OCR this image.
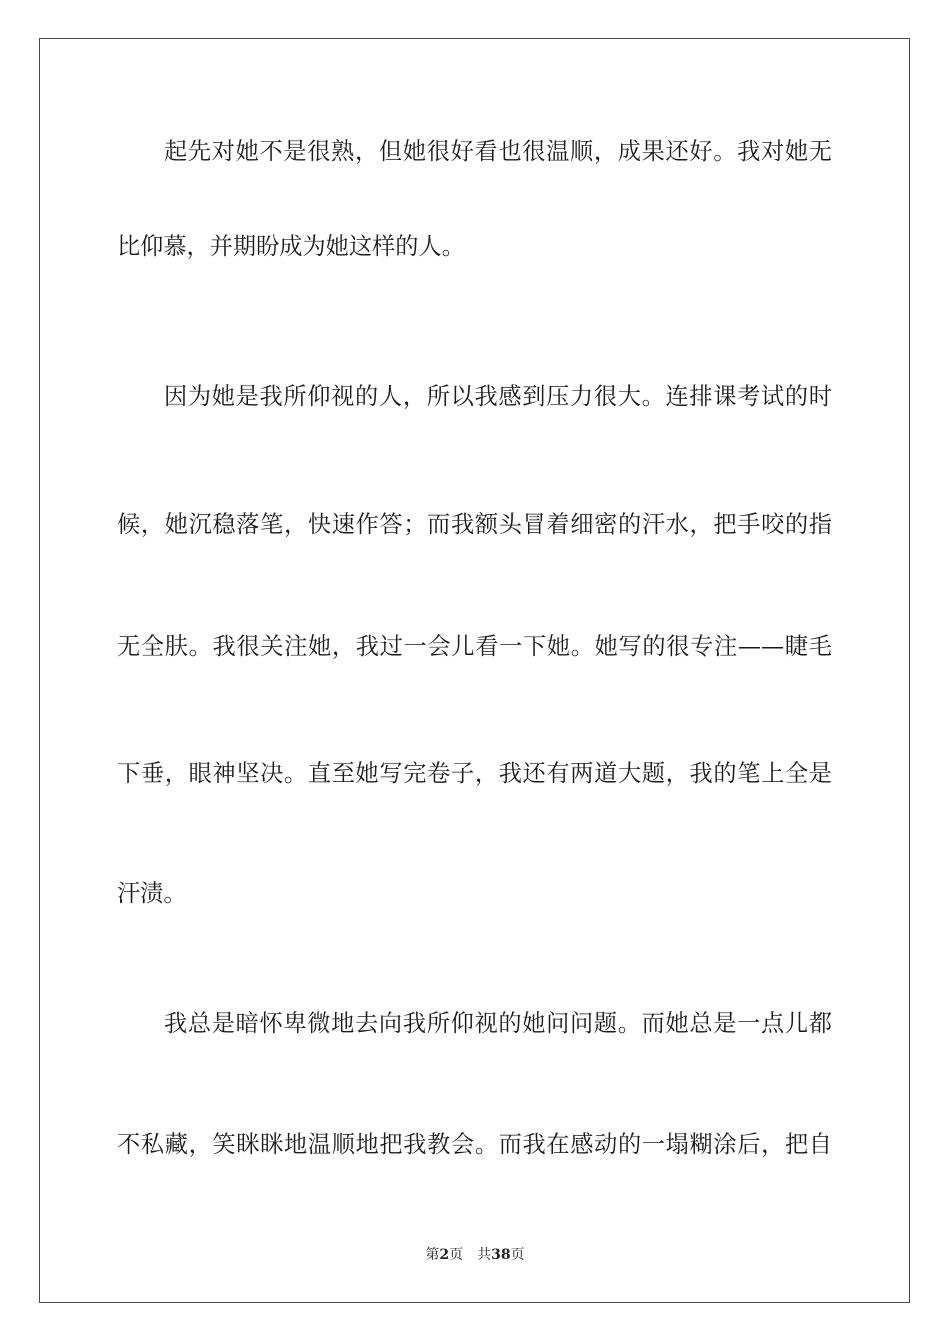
起先对她不是很熟，但她很好看也很温顺，成果还好。我对她无
比仰慕，并期盼成为她这样的人。
因为她是我所仰视的人，所以我感到压力很大。连排课考试的时
候，她沉稳落笔，快速作答；而我额头冒着细密的汗水，把手咬的指
无全肤。我很关注她，我过一会儿看一下她。她写的很专注——睫毛
下垂，眼神坚决。直至她写完卷子，我还有两道大题，我的笔上全是
汗渍。
我总是暗怀卑微地去向我所仰视的她问问题。而她总是一点儿都
不私藏，笑眯眯地温顺地把我教会。而我在感动的一塌糊涂后，把自
第2页 共38页
